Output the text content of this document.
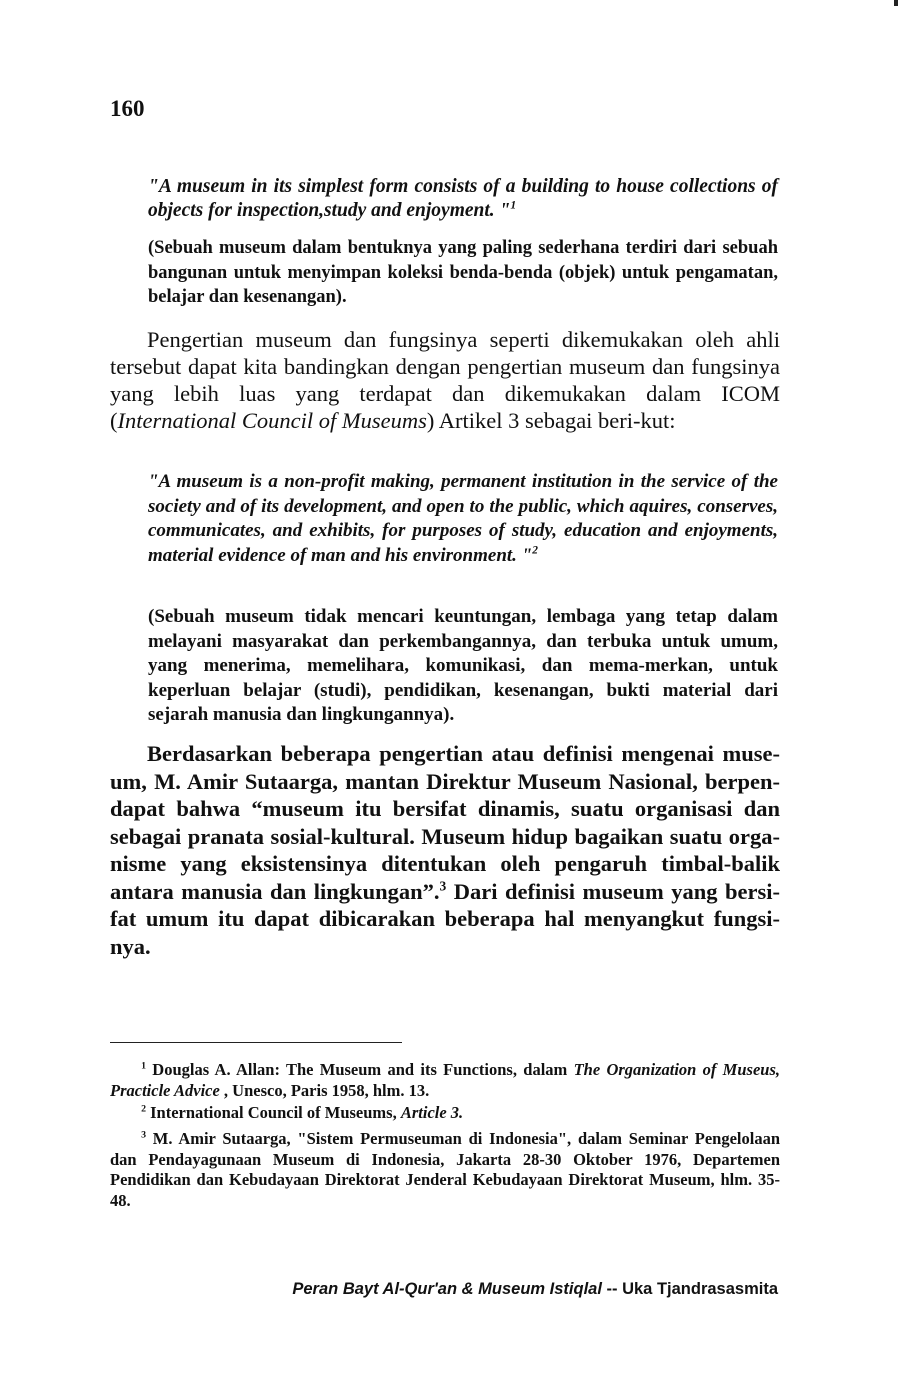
160
"A museum in its simplest form consists of a building to house collections of objects for inspection,study and enjoyment. "$^1$
(Sebuah museum dalam bentuknya yang paling sederhana terdiri dari sebuah bangunan untuk menyimpan koleksi benda-benda (objek) untuk pengamatan, belajar dan kesenangan).
Pengertian museum dan fungsinya seperti dikemukakan oleh ahli tersebut dapat kita bandingkan dengan pengertian museum dan fungsinya yang lebih luas yang terdapat dan dikemukakan dalam ICOM (International Council of Museums) Artikel 3 sebagai beri-kut:
"A museum is a non-profit making, permanent institution in the service of the society and of its development, and open to the public, which aquires, conserves, communicates, and exhibits, for purposes of study, education and enjoyments, material evidence of man and his environment. "$^2$
(Sebuah museum tidak mencari keuntungan, lembaga yang tetap dalam melayani masyarakat dan perkembangannya, dan terbuka untuk umum, yang menerima, memelihara, komunikasi, dan mema-merkan, untuk keperluan belajar (studi), pendidikan, kesenangan, bukti material dari sejarah manusia dan lingkungannya).
Berdasarkan beberapa pengertian atau definisi mengenai muse-um, M. Amir Sutaarga, mantan Direktur Museum Nasional, berpen-dapat bahwa “museum itu bersifat dinamis, suatu organisasi dan sebagai pranata sosial-kultural. Museum hidup bagaikan suatu orga-nisme yang eksistensinya ditentukan oleh pengaruh timbal-balik antara manusia dan lingkungan”.$^3$ Dari definisi museum yang bersi-fat umum itu dapat dibicarakan beberapa hal menyangkut fungsi-nya.
$^1$ Douglas A. Allan: The Museum and its Functions, dalam The Organization of Museus, Practicle Advice , Unesco, Paris 1958, hlm. 13.
$^2$ International Council of Museums, Article 3.
$^3$ M. Amir Sutaarga, "Sistem Permuseuman di Indonesia", dalam Seminar Pengelolaan dan Pendayagunaan Museum di Indonesia, Jakarta 28-30 Oktober 1976, Departemen Pendidikan dan Kebudayaan Direktorat Jenderal Kebudayaan Direktorat Museum, hlm. 35-48.
Peran Bayt Al-Qur'an & Museum Istiqlal -- Uka Tjandrasasmita
